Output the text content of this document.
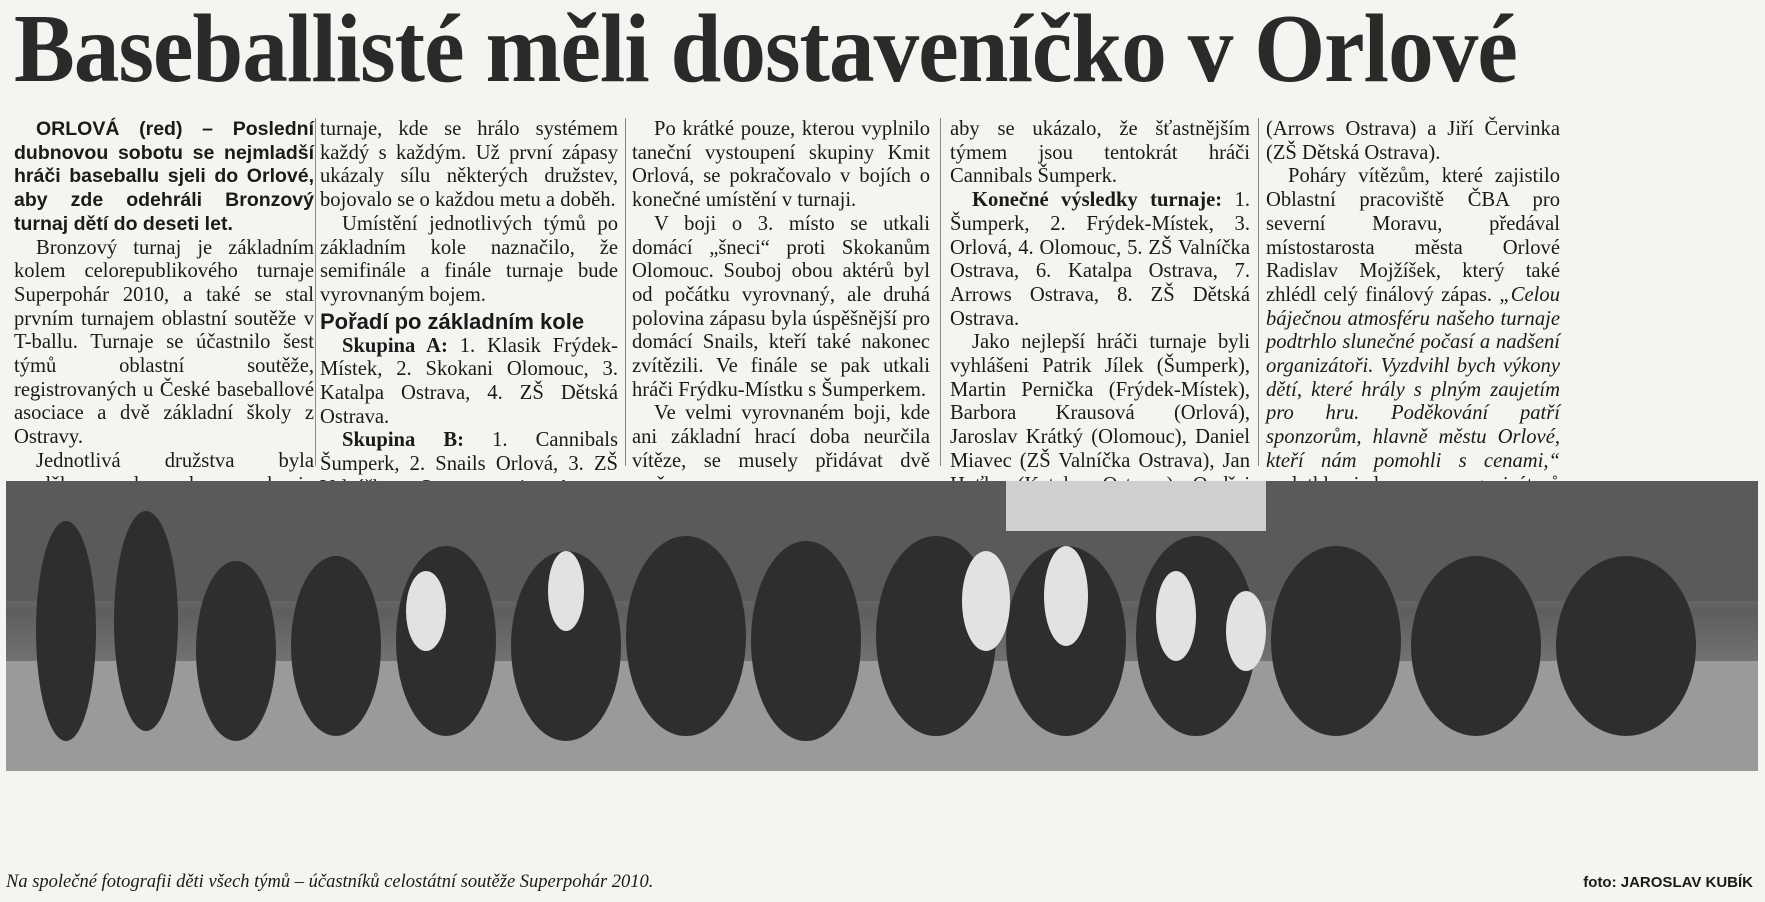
Baseballisté měli dostaveníčko v Orlové

ORLOVÁ (red) – Poslední dubnovou sobotu se nejmladší hráči baseballu sjeli do Orlové, aby zde odehráli Bronzový turnaj dětí do deseti let.

Bronzový turnaj je základním kolem celorepublikového turnaje Superpohár 2010, a také se stal prvním turnajem oblastní soutěže v T-ballu. Turnaje se účastnilo šest týmů oblastní soutěže, registrovaných u České baseballové asociace a dvě základní školy z Ostravy.

Jednotlivá družstva byla

turnaje, kde se hrálo systémem každý s každým. Už první zápasy ukázaly sílu některých družstev, bojovalo se o každou metu a doběh.

Umístění jednotlivých týmů po základním kole naznačilo, že semifinále a finále turnaje bude vyrovnaným bojem.

Pořadí po základním kole

Skupina A: 1. Klasik Frýdek-Místek, 2. Skokani Olomouc, 3. Katalpa Ostrava, 4. ZŠ Dětská Ostrava.

Skupina B: 1. Cannibals Šumperk, 2. Snails Orlová, 3. ZŠ

Po krátké pouze, kterou vyplnilo taneční vystoupení skupiny Kmit Orlová, se pokračovalo v bojích o konečné umístění v turnaji.

V boji o 3. místo se utkali domácí „šneci“ proti Skokanům Olomouc. Souboj obou aktérů byl od počátku vyrovnaný, ale druhá polovina zápasu byla úspěšnější pro domácí Snails, kteří také nakonec zvítězili. Ve finále se pak utkali hráči Frýdku-Místku s Šumperkem.

Ve velmi vyrovnaném boji, kde ani základní hrací doba neurčila vítěze, se musely přidávat dvě

aby se ukázalo, že šťastnějším týmem jsou tentokrát hráči Cannibals Šumperk.

Konečné výsledky turnaje: 1. Šumperk, 2. Frýdek-Místek, 3. Orlová, 4. Olomouc, 5. ZŠ Valníčka Ostrava, 6. Katalpa Ostrava, 7. Arrows Ostrava, 8. ZŠ Dětská Ostrava.

Jako nejlepší hráči turnaje byli vyhlášeni Patrik Jílek (Šumperk), Martin Pernička (Frýdek-Místek), Barbora Krausová (Orlová), Jaroslav Krátký (Olomouc), Daniel Miavec (ZŠ Valníčka Ostrava), Jan

(Arrows Ostrava) a Jiří Červinka (ZŠ Dětská Ostrava).

Poháry vítězům, které zajistilo Oblastní pracoviště ČBA pro severní Moravu, předával místostarosta města Orlové Radislav Mojžíšek, který také zhlédl celý finálový zápas. „Celou báječnou atmosféru našeho turnaje podtrhlo slunečné počasí a nadšení organizátoři. Vyzdvihl bych výkony dětí, které hrály s plným zaujetím pro hru. Poděkování patří sponzorům, hlavně městu Orlové, kteří nám pomohli s cenami,“

Na společné fotografii děti všech týmů – účastníků celostátní soutěže Superpohár 2010.	foto: JAROSLAV KUBÍK
